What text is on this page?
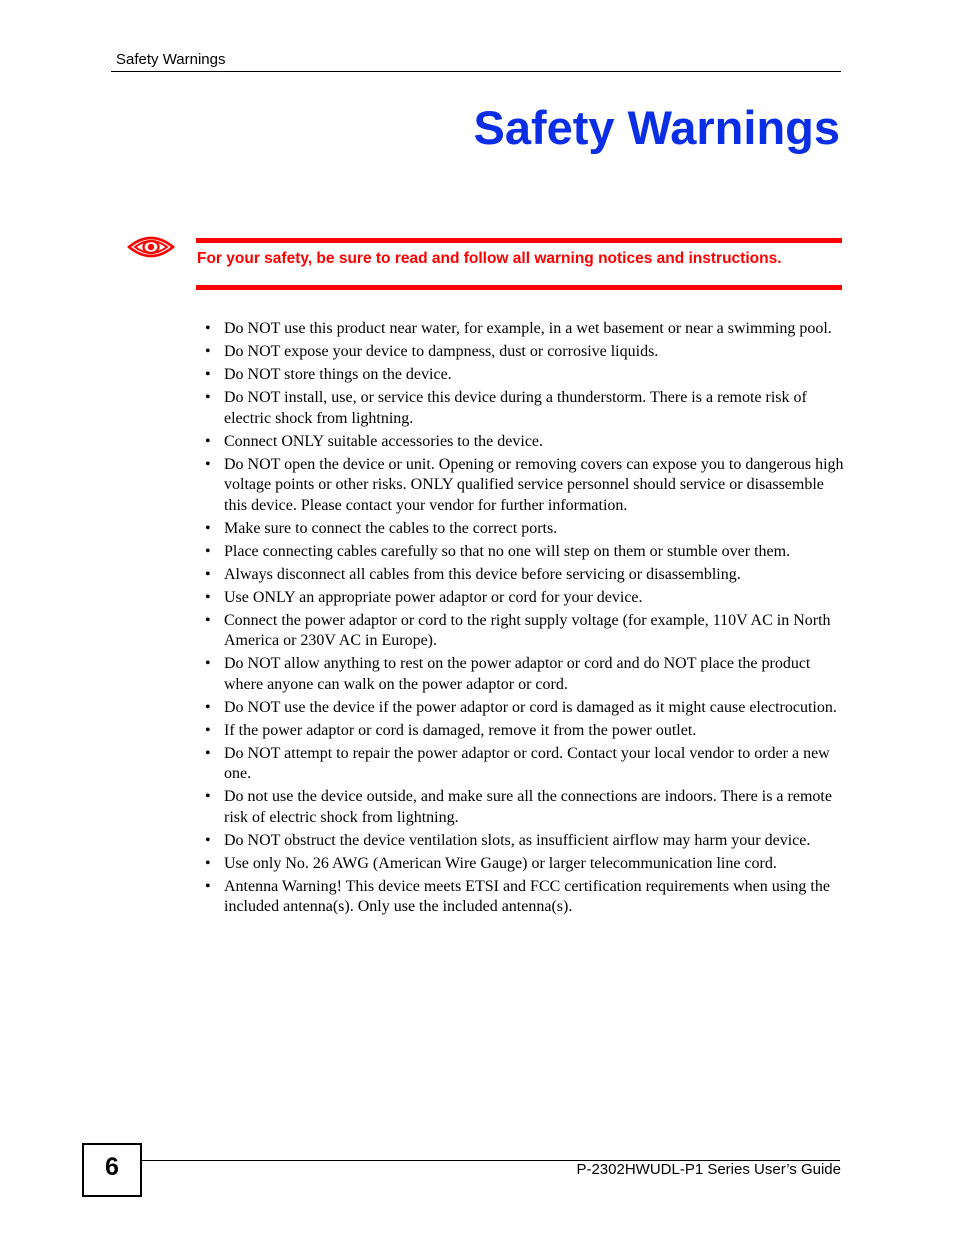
Safety Warnings
Safety Warnings
For your safety, be sure to read and follow all warning notices and instructions.
• Do NOT use this product near water, for example, in a wet basement or near a swimming pool.
• Do NOT expose your device to dampness, dust or corrosive liquids.
• Do NOT store things on the device.
• Do NOT install, use, or service this device during a thunderstorm. There is a remote risk of electric shock from lightning.
• Connect ONLY suitable accessories to the device.
• Do NOT open the device or unit. Opening or removing covers can expose you to dangerous high voltage points or other risks. ONLY qualified service personnel should service or disassemble this device. Please contact your vendor for further information.
• Make sure to connect the cables to the correct ports.
• Place connecting cables carefully so that no one will step on them or stumble over them.
• Always disconnect all cables from this device before servicing or disassembling.
• Use ONLY an appropriate power adaptor or cord for your device.
• Connect the power adaptor or cord to the right supply voltage (for example, 110V AC in North America or 230V AC in Europe).
• Do NOT allow anything to rest on the power adaptor or cord and do NOT place the product where anyone can walk on the power adaptor or cord.
• Do NOT use the device if the power adaptor or cord is damaged as it might cause electrocution.
• If the power adaptor or cord is damaged, remove it from the power outlet.
• Do NOT attempt to repair the power adaptor or cord. Contact your local vendor to order a new one.
• Do not use the device outside, and make sure all the connections are indoors. There is a remote risk of electric shock from lightning.
• Do NOT obstruct the device ventilation slots, as insufficient airflow may harm your device.
• Use only No. 26 AWG (American Wire Gauge) or larger telecommunication line cord.
• Antenna Warning! This device meets ETSI and FCC certification requirements when using the included antenna(s). Only use the included antenna(s).
6	P-2302HWUDL-P1 Series User’s Guide
